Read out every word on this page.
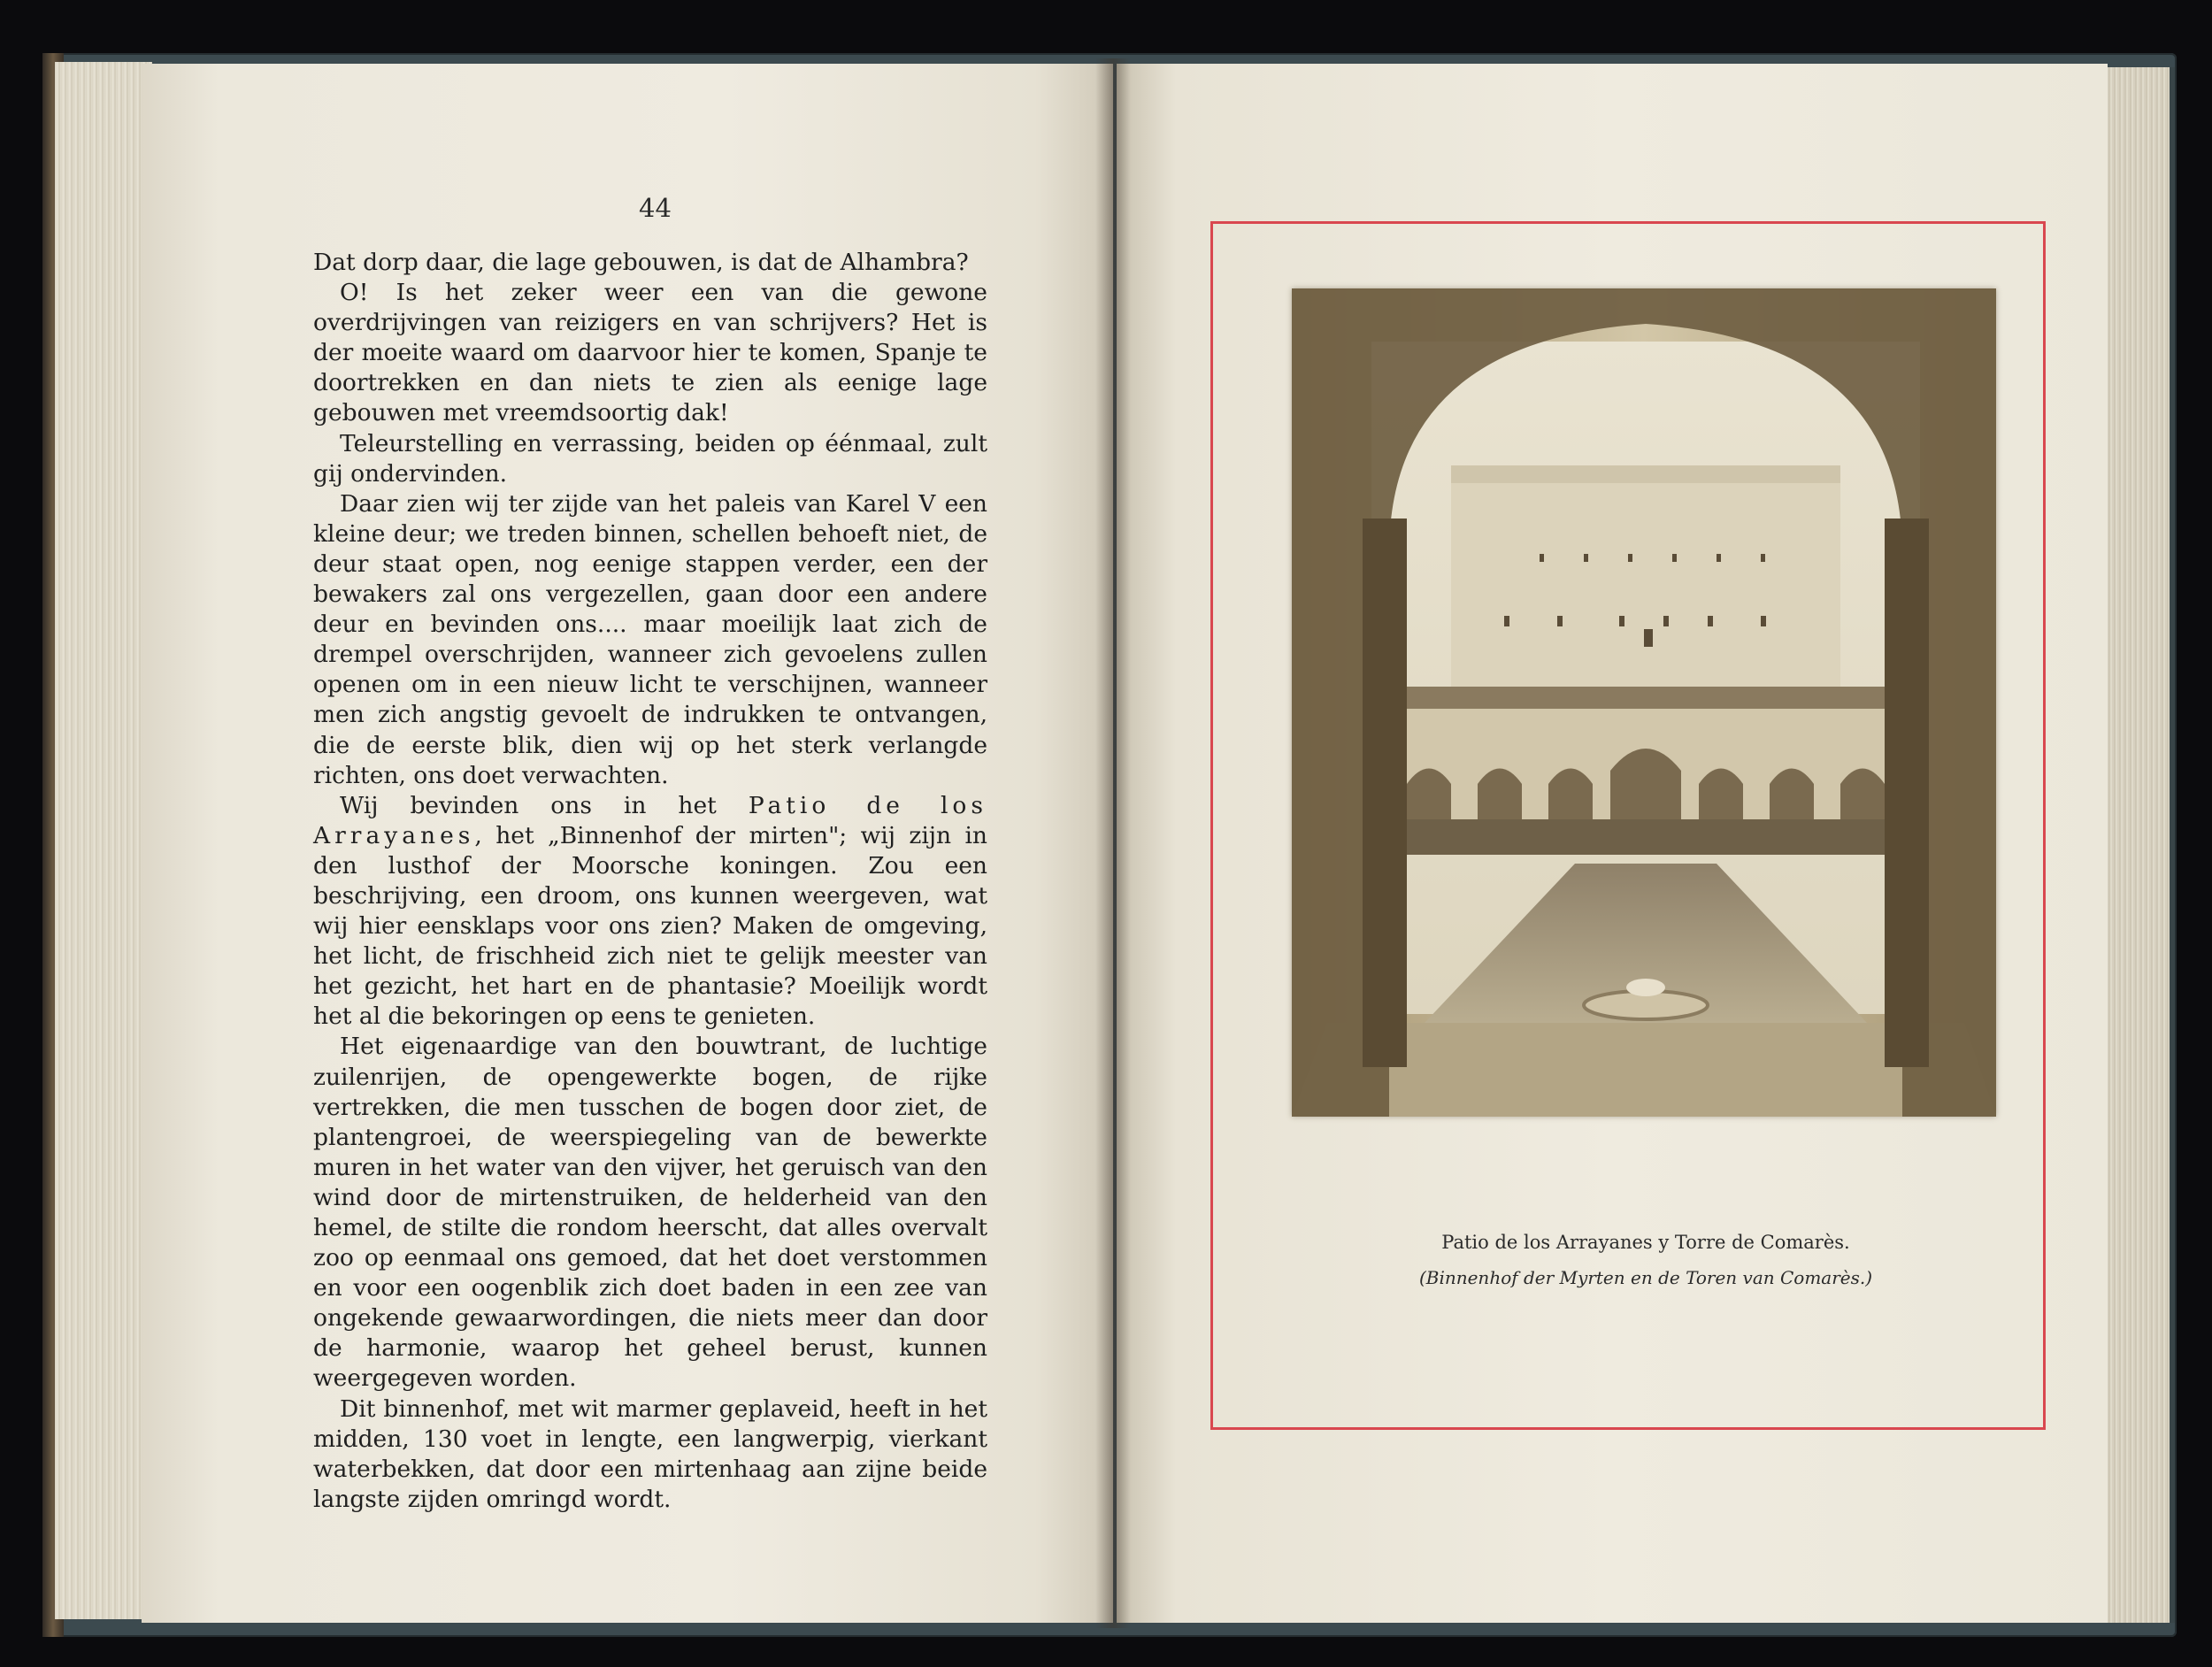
44

Dat dorp daar, die lage gebouwen, is dat de Alhambra?

O! Is het zeker weer een van die gewone overdrijvingen van reizigers en van schrijvers? Het is der moeite waard om daarvoor hier te komen, Spanje te doortrekken en dan niets te zien als eenige lage gebouwen met vreemdsoortig dak!

Teleurstelling en verrassing, beiden op éénmaal, zult gij ondervinden.

Daar zien wij ter zijde van het paleis van Karel V een kleine deur; we treden binnen, schellen behoeft niet, de deur staat open, nog eenige stappen verder, een der bewakers zal ons vergezellen, gaan door een andere deur en bevinden ons.... maar moeilijk laat zich de drempel overschrijden, wanneer zich gevoelens zullen openen om in een nieuw licht te verschijnen, wanneer men zich angstig gevoelt de indrukken te ontvangen, die de eerste blik, dien wij op het sterk verlangde richten, ons doet verwachten.

Wij bevinden ons in het Patio de los Arrayanes, het „Binnenhof der mirten"; wij zijn in den lusthof der Moorsche koningen. Zou een beschrijving, een droom, ons kunnen weergeven, wat wij hier eensklaps voor ons zien? Maken de omgeving, het licht, de frischheid zich niet te gelijk meester van het gezicht, het hart en de phantasie? Moeilijk wordt het al die bekoringen op eens te genieten.

Het eigenaardige van den bouwtrant, de luchtige zuilenrijen, de opengewerkte bogen, de rijke vertrekken, die men tusschen de bogen door ziet, de plantengroei, de weerspiegeling van de bewerkte muren in het water van den vijver, het geruisch van den wind door de mirtenstruiken, de helderheid van den hemel, de stilte die rondom heerscht, dat alles overvalt zoo op eenmaal ons gemoed, dat het doet verstommen en voor een oogenblik zich doet baden in een zee van ongekende gewaarwordingen, die niets meer dan door de harmonie, waarop het geheel berust, kunnen weergegeven worden.

Dit binnenhof, met wit marmer geplaveid, heeft in het midden, 130 voet in lengte, een langwerpig, vierkant waterbekken, dat door een mirtenhaag aan zijne beide langste zijden omringd wordt.

Patio de los Arrayanes y Torre de Comarès.
(Binnenhof der Myrten en de Toren van Comarès.)
